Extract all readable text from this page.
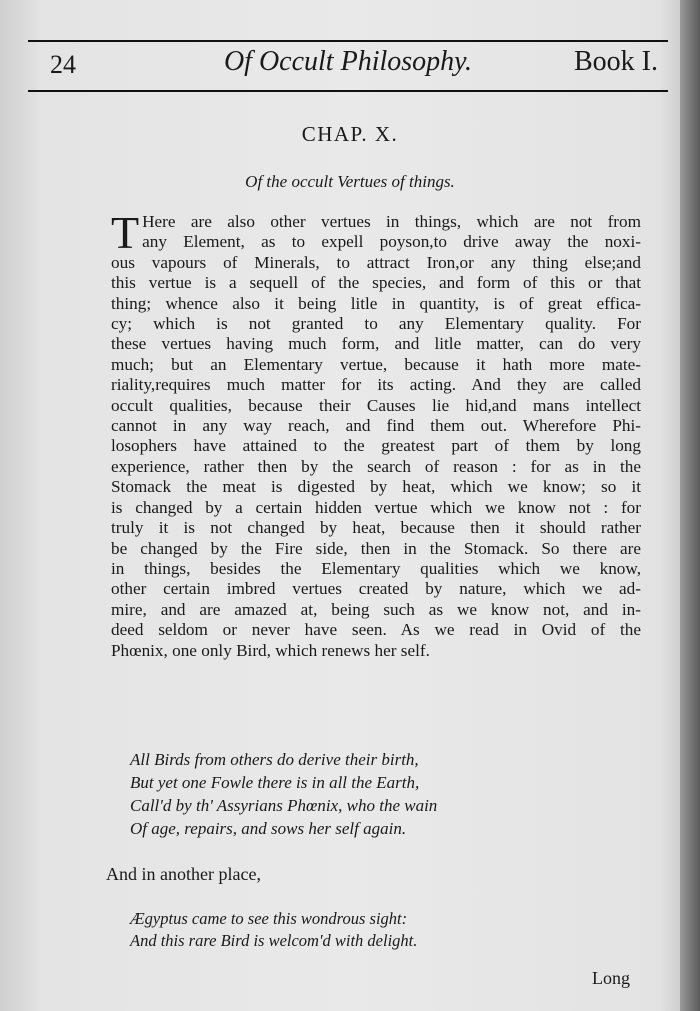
24	Of Occult Philosophy.	Book I.
CHAP. X.
Of the occult Vertues of things.
T Here are also other vertues in things, which are not from
any Element, as to expell poyson,to drive away the noxi-
ous vapours of Minerals, to attract Iron,or any thing else;and
this vertue is a sequell of the species, and form of this or that
thing; whence also it being litle in quantity, is of great effica-
cy; which is not granted to any Elementary quality. For
these vertues having much form, and litle matter, can do very
much; but an Elementary vertue, because it hath more mate-
riality,requires much matter for its acting. And they are called
occult qualities, because their Causes lie hid,and mans intellect
cannot in any way reach, and find them out. Wherefore Phi-
losophers have attained to the greatest part of them by long
experience, rather then by the search of reason : for as in the
Stomack the meat is digested by heat, which we know; so it
is changed by a certain hidden vertue which we know not : for
truly it is not changed by heat, because then it should rather
be changed by the Fire side, then in the Stomack. So there are
in things, besides the Elementary qualities which we know,
other certain imbred vertues created by nature, which we ad-
mire, and are amazed at, being such as we know not, and in-
deed seldom or never have seen. As we read in Ovid of the
Phœnix, one only Bird, which renews her self.
All Birds from others do derive their birth,
But yet one Fowle there is in all the Earth,
Call'd by th' Assyrians Phœnix, who the wain
Of age, repairs, and sows her self again.
And in another place,
Ægyptus came to see this wondrous sight:
And this rare Bird is welcom'd with delight.
Long
